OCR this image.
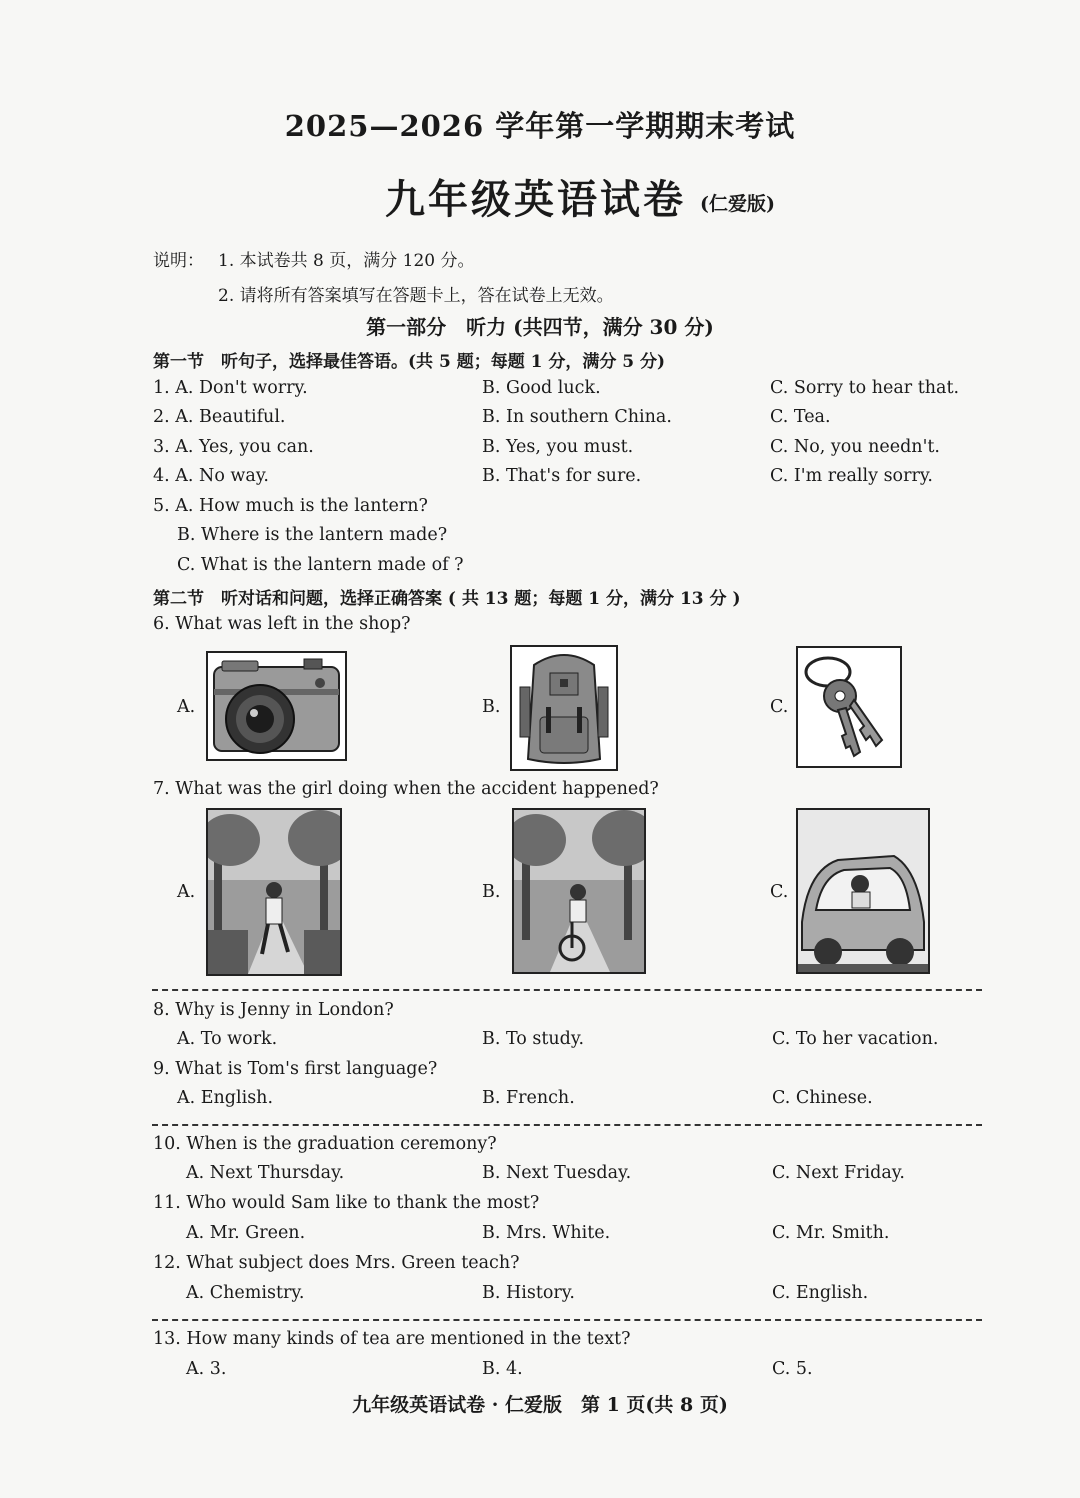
2025—2026 学年第一学期期末考试
九年级英语试卷 (仁爱版)
说明： 1. 本试卷共 8 页，满分 120 分。
2. 请将所有答案填写在答题卡上，答在试卷上无效。
第一部分　听力 (共四节，满分 30 分)
第一节　听句子，选择最佳答语。(共 5 题；每题 1 分，满分 5 分)
1. A. Don't worry.	B. Good luck.	C. Sorry to hear that.
2. A. Beautiful.	B. In southern China.	C. Tea.
3. A. Yes, you can.	B. Yes, you must.	C. No, you needn't.
4. A. No way.	B. That's for sure.	C. I'm really sorry.
5. A. How much is the lantern?
B. Where is the lantern made?
C. What is the lantern made of ?
第二节　听对话和问题，选择正确答案 ( 共 13 题；每题 1 分，满分 13 分 )
6. What was left in the shop?
A.	B.	C.
7. What was the girl doing when the accident happened?
A.	B.	C.
8. Why is Jenny in London?
A. To work.	B. To study.	C. To her vacation.
9. What is Tom's first language?
A. English.	B. French.	C. Chinese.
10. When is the graduation ceremony?
A. Next Thursday.	B. Next Tuesday.	C. Next Friday.
11. Who would Sam like to thank the most?
A. Mr. Green.	B. Mrs. White.	C. Mr. Smith.
12. What subject does Mrs. Green teach?
A. Chemistry.	B. History.	C. English.
13. How many kinds of tea are mentioned in the text?
A. 3.	B. 4.	C. 5.
九年级英语试卷 · 仁爱版　第 1 页(共 8 页)
